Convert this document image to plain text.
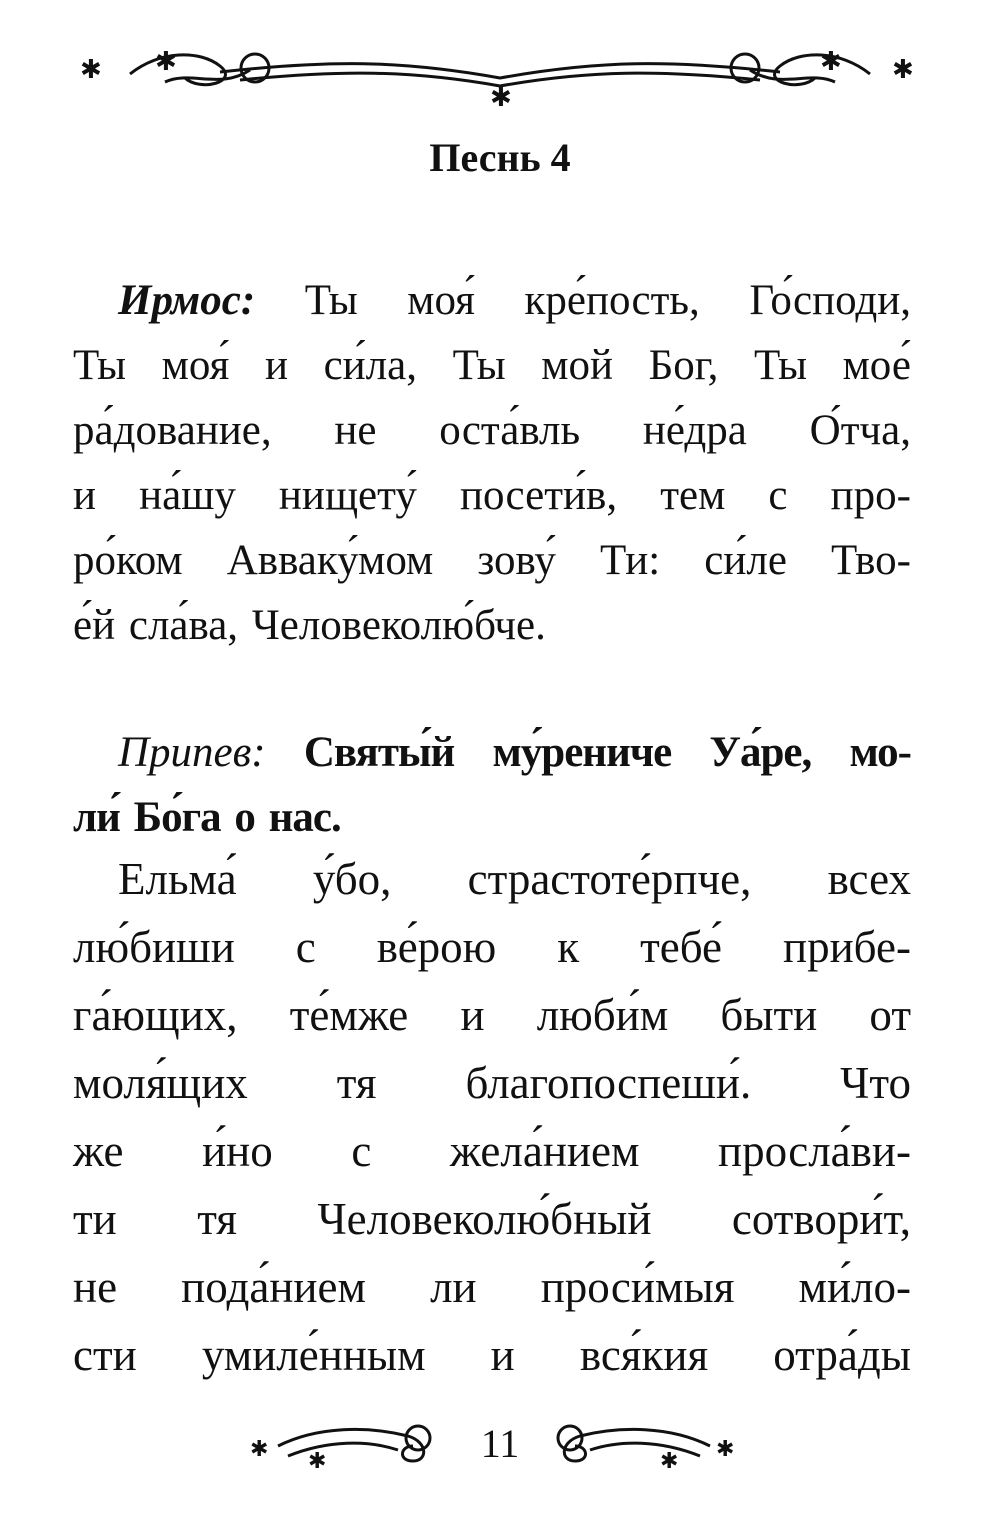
✱ ✱
✱
✱ ✱
Песнь 4
Ирмос: Ты моя́ кре́пость, Го́споди,
Ты моя́ и си́ла, Ты мой Бог, Ты мое́
ра́дование, не оста́вль не́дра О́тча,
и на́шу нищету́ посети́в, тем с про-
ро́ком Авваку́мом зову́ Ти: си́ле Тво-
е́й сла́ва, Человеколю́бче.
Припев: Святы́й му́рениче Уа́ре, мо-
ли́ Бо́га о нас.
Ельма́ у́бо, страстоте́рпче, всех
лю́биши с ве́рою к тебе́ прибе-
га́ющих, те́мже и люби́м быти от
моля́щих тя благопоспеши́. Что
же и́но с жела́нием просла́ви-
ти тя Человеколю́бный сотвори́т,
не пода́нием ли проси́мыя ми́ло-
сти умиле́нным и вся́кия отра́ды
✱ ✱	11	✱
✱
